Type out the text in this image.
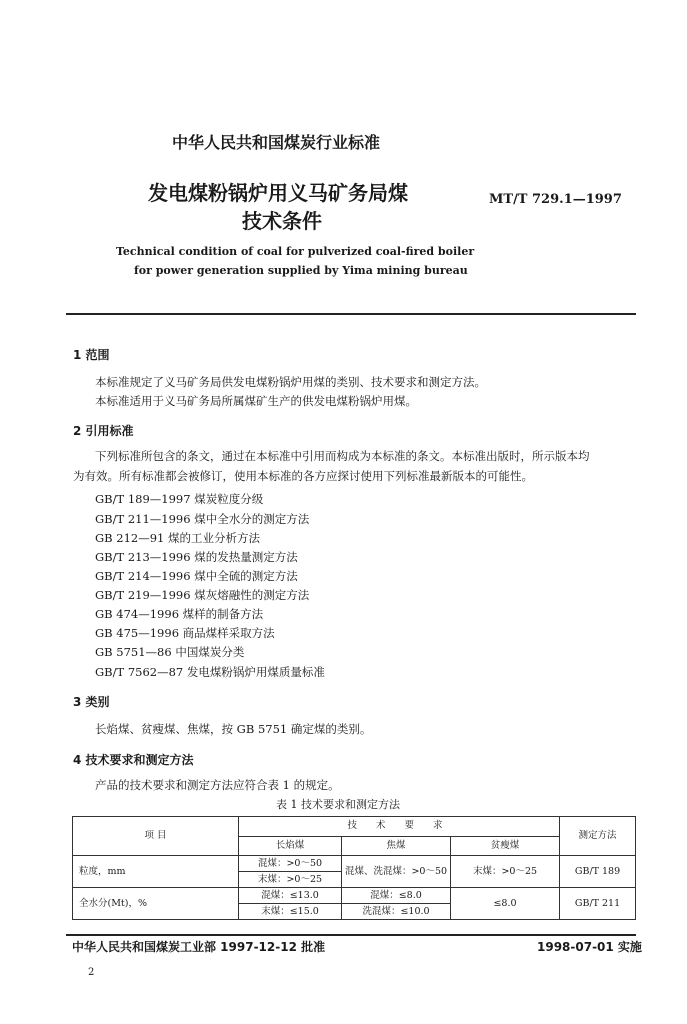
中华人民共和国煤炭行业标准
发电煤粉锅炉用义马矿务局煤
技术条件
MT/T 729.1—1997
Technical condition of coal for pulverized coal-fired boiler
for power generation supplied by Yima mining bureau
1 范围
本标准规定了义马矿务局供发电煤粉锅炉用煤的类别、技术要求和测定方法。
本标准适用于义马矿务局所属煤矿生产的供发电煤粉锅炉用煤。
2 引用标准
下列标准所包含的条文，通过在本标准中引用而构成为本标准的条文。本标准出版时，所示版本均
为有效。所有标准都会被修订，使用本标准的各方应探讨使用下列标准最新版本的可能性。
GB/T 189—1997 煤炭粒度分级
GB/T 211—1996 煤中全水分的测定方法
GB 212—91 煤的工业分析方法
GB/T 213—1996 煤的发热量测定方法
GB/T 214—1996 煤中全硫的测定方法
GB/T 219—1996 煤灰熔融性的测定方法
GB 474—1996 煤样的制备方法
GB 475—1996 商品煤样采取方法
GB 5751—86 中国煤炭分类
GB/T 7562—87 发电煤粉锅炉用煤质量标准
3 类别
长焰煤、贫瘦煤、焦煤，按 GB 5751 确定煤的类别。
4 技术要求和测定方法
产品的技术要求和测定方法应符合表 1 的规定。
表 1 技术要求和测定方法
项 目	技 术 要 求			测定方法
	长焰煤	焦煤	贫瘦煤	
粒度，mm	混煤：>0～50	混煤、洗混煤：>0～50	末煤：>0～25	GB/T 189
	末煤：>0～25			
全水分(Mt)，%	混煤：≤13.0	混煤：≤8.0	≤8.0	GB/T 211
	末煤：≤15.0	洗混煤：≤10.0		
中华人民共和国煤炭工业部 1997-12-12 批准	1998-07-01 实施
2
